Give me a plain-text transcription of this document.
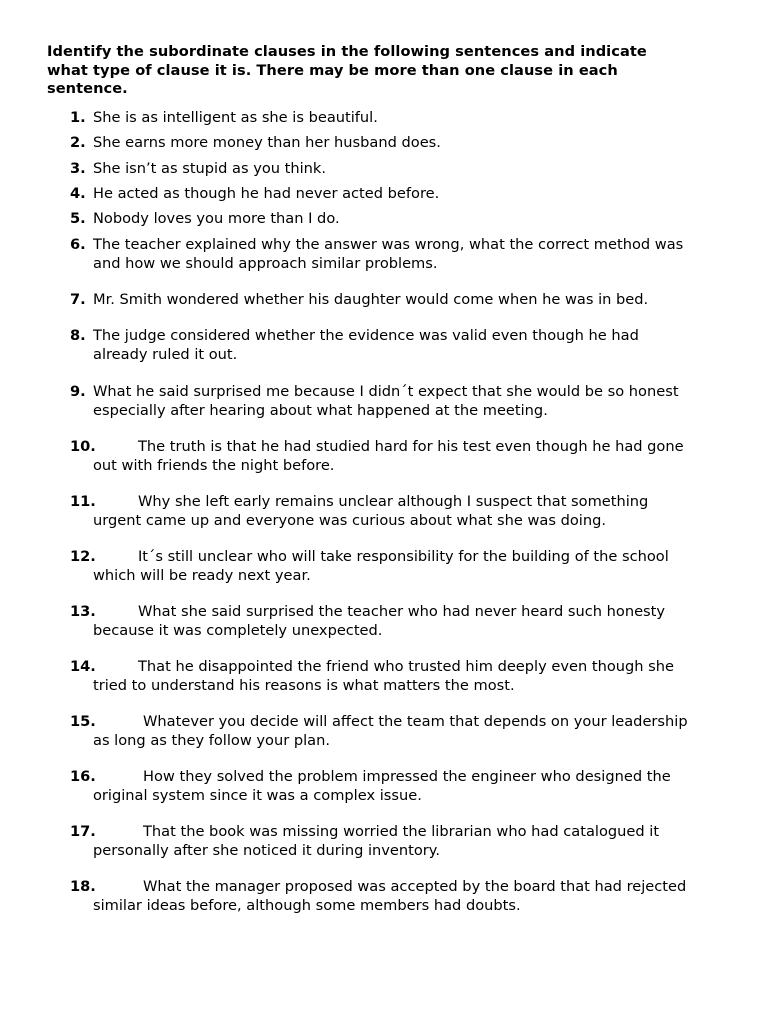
Identify the subordinate clauses in the following sentences and indicate
what type of clause it is. There may be more than one clause in each
sentence.
1. She is as intelligent as she is beautiful.
2. She earns more money than her husband does.
3. She isn’t as stupid as you think.
4. He acted as though he had never acted before.
5. Nobody loves you more than I do.
6. The teacher explained why the answer was wrong, what the correct method was
and how we should approach similar problems.
7. Mr. Smith wondered whether his daughter would come when he was in bed.
8. The judge considered whether the evidence was valid even though he had
already ruled it out.
9. What he said surprised me because I didn´t expect that she would be so honest
especially after hearing about what happened at the meeting.
10.	The truth is that he had studied hard for his test even though he had gone
out with friends the night before.
11.	Why she left early remains unclear although I suspect that something
urgent came up and everyone was curious about what she was doing.
12.	It´s still unclear who will take responsibility for the building of the school
which will be ready next year.
13.	What she said surprised the teacher who had never heard such honesty
because it was completely unexpected.
14.	That he disappointed the friend who trusted him deeply even though she
tried to understand his reasons is what matters the most.
15.	Whatever you decide will affect the team that depends on your leadership
as long as they follow your plan.
16.	How they solved the problem impressed the engineer who designed the
original system since it was a complex issue.
17.	That the book was missing worried the librarian who had catalogued it
personally after she noticed it during inventory.
18.	What the manager proposed was accepted by the board that had rejected
similar ideas before, although some members had doubts.
